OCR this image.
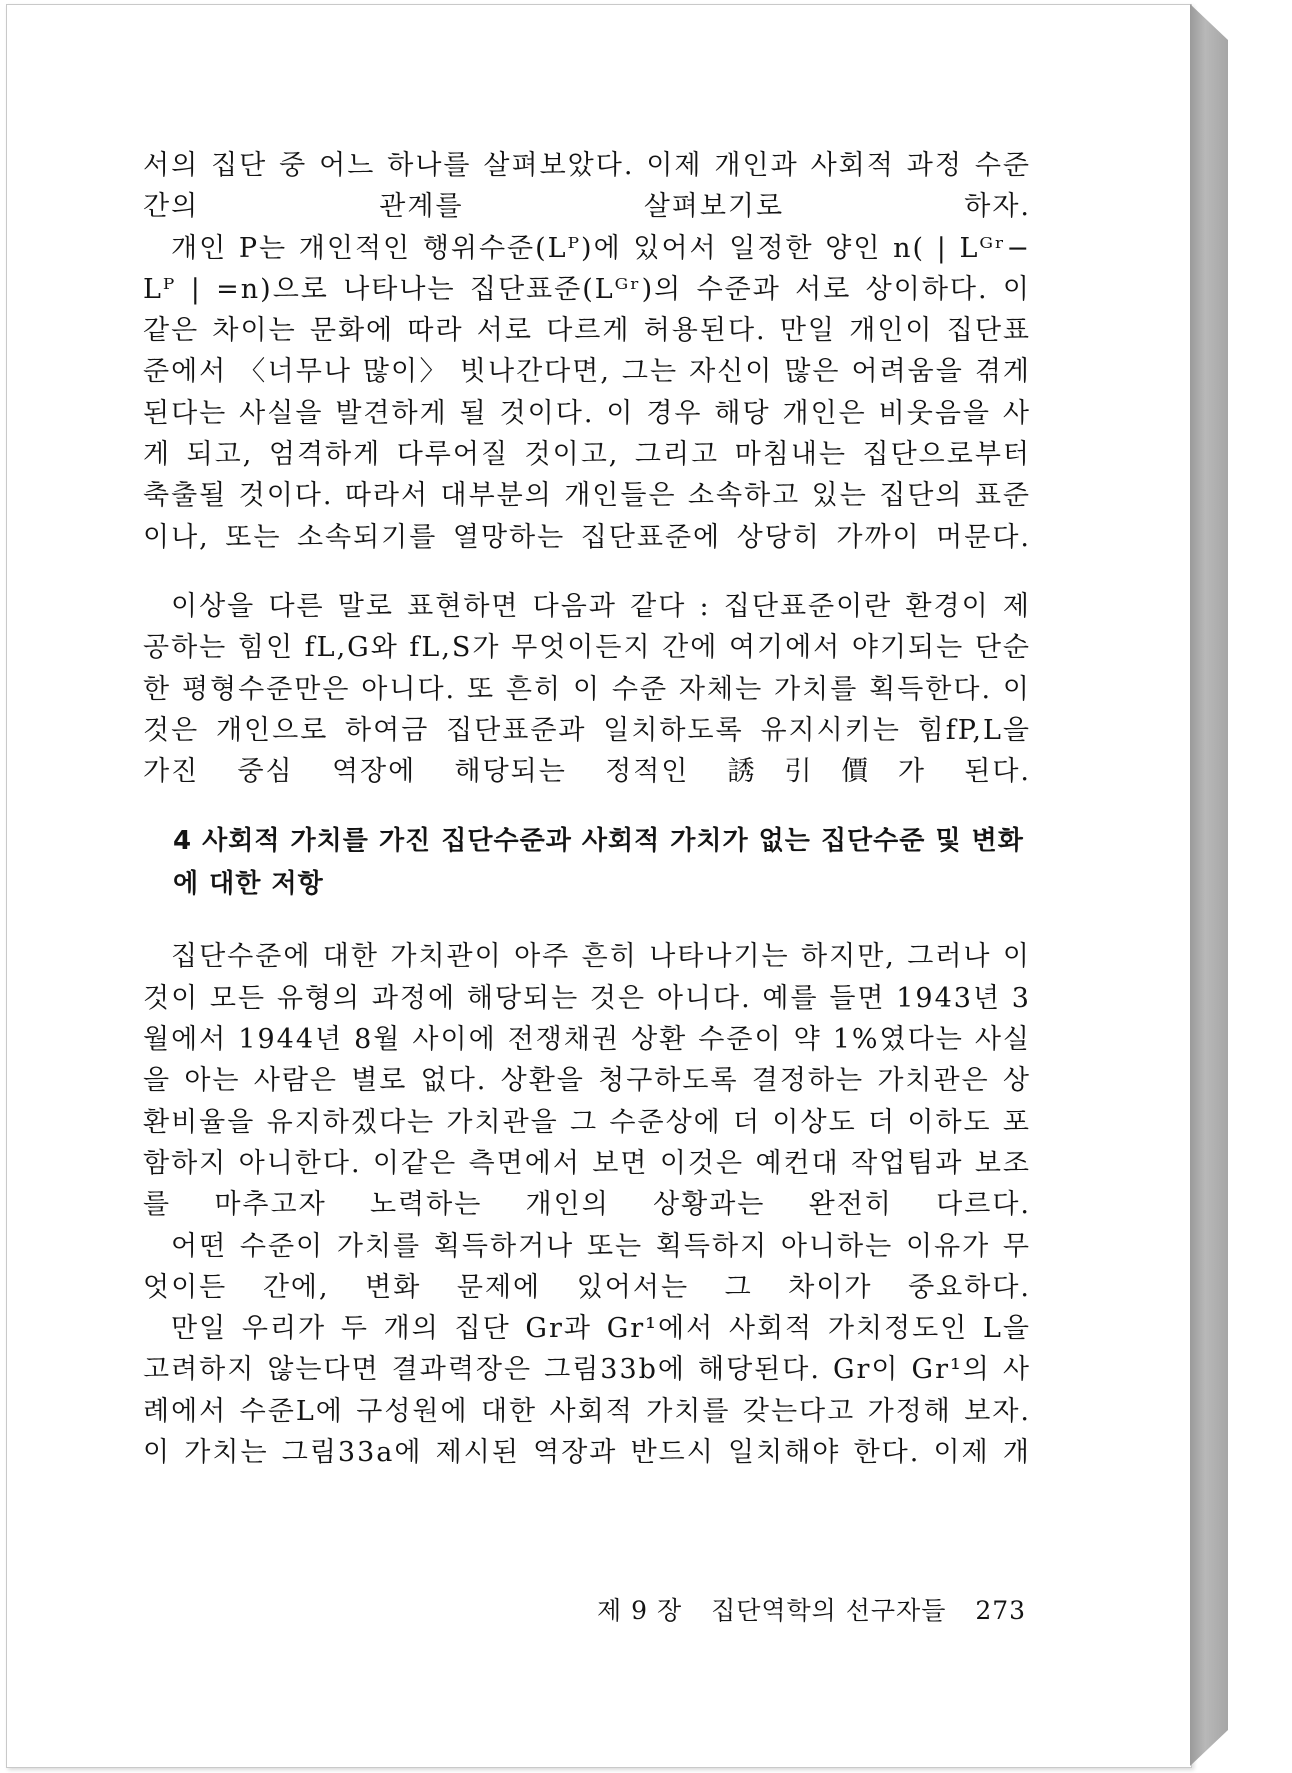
서의 집단 중 어느 하나를 살펴보았다. 이제 개인과 사회적 과정 수준 간의 관계를 살펴보기로 하자.

개인 P는 개인적인 행위수준(Lᴾ)에 있어서 일정한 양인 n( | Lᴳʳ− Lᴾ | =n)으로 나타나는 집단표준(Lᴳʳ)의 수준과 서로 상이하다. 이 같은 차이는 문화에 따라 서로 다르게 허용된다. 만일 개인이 집단표준에서 〈너무나 많이〉 빗나간다면, 그는 자신이 많은 어려움을 겪게 된다는 사실을 발견하게 될 것이다. 이 경우 해당 개인은 비웃음을 사게 되고, 엄격하게 다루어질 것이고, 그리고 마침내는 집단으로부터 축출될 것이다. 따라서 대부분의 개인들은 소속하고 있는 집단의 표준이나, 또는 소속되기를 열망하는 집단표준에 상당히 가까이 머문다.

이상을 다른 말로 표현하면 다음과 같다 : 집단표준이란 환경이 제공하는 힘인 fL,G와 fL,S가 무엇이든지 간에 여기에서 야기되는 단순한 평형수준만은 아니다. 또 흔히 이 수준 자체는 가치를 획득한다. 이것은 개인으로 하여금 집단표준과 일치하도록 유지시키는 힘fP,L을 가진 중심 역장에 해당되는 정적인 誘引價가 된다.

4 사회적 가치를 가진 집단수준과 사회적 가치가 없는 집단수준 및 변화에 대한 저항

집단수준에 대한 가치관이 아주 흔히 나타나기는 하지만, 그러나 이것이 모든 유형의 과정에 해당되는 것은 아니다. 예를 들면 1943년 3월에서 1944년 8월 사이에 전쟁채권 상환 수준이 약 1%였다는 사실을 아는 사람은 별로 없다. 상환을 청구하도록 결정하는 가치관은 상환비율을 유지하겠다는 가치관을 그 수준상에 더 이상도 더 이하도 포함하지 아니한다. 이같은 측면에서 보면 이것은 예컨대 작업팀과 보조를 마추고자 노력하는 개인의 상황과는 완전히 다르다.

어떤 수준이 가치를 획득하거나 또는 획득하지 아니하는 이유가 무엇이든 간에, 변화 문제에 있어서는 그 차이가 중요하다.

만일 우리가 두 개의 집단 Gr과 Gr¹에서 사회적 가치정도인 L을 고려하지 않는다면 결과력장은 그림33b에 해당된다. Gr이 Gr¹의 사례에서 수준L에 구성원에 대한 사회적 가치를 갖는다고 가정해 보자. 이 가치는 그림33a에 제시된 역장과 반드시 일치해야 한다. 이제 개

제 9 장 집단역학의 선구자들 273
